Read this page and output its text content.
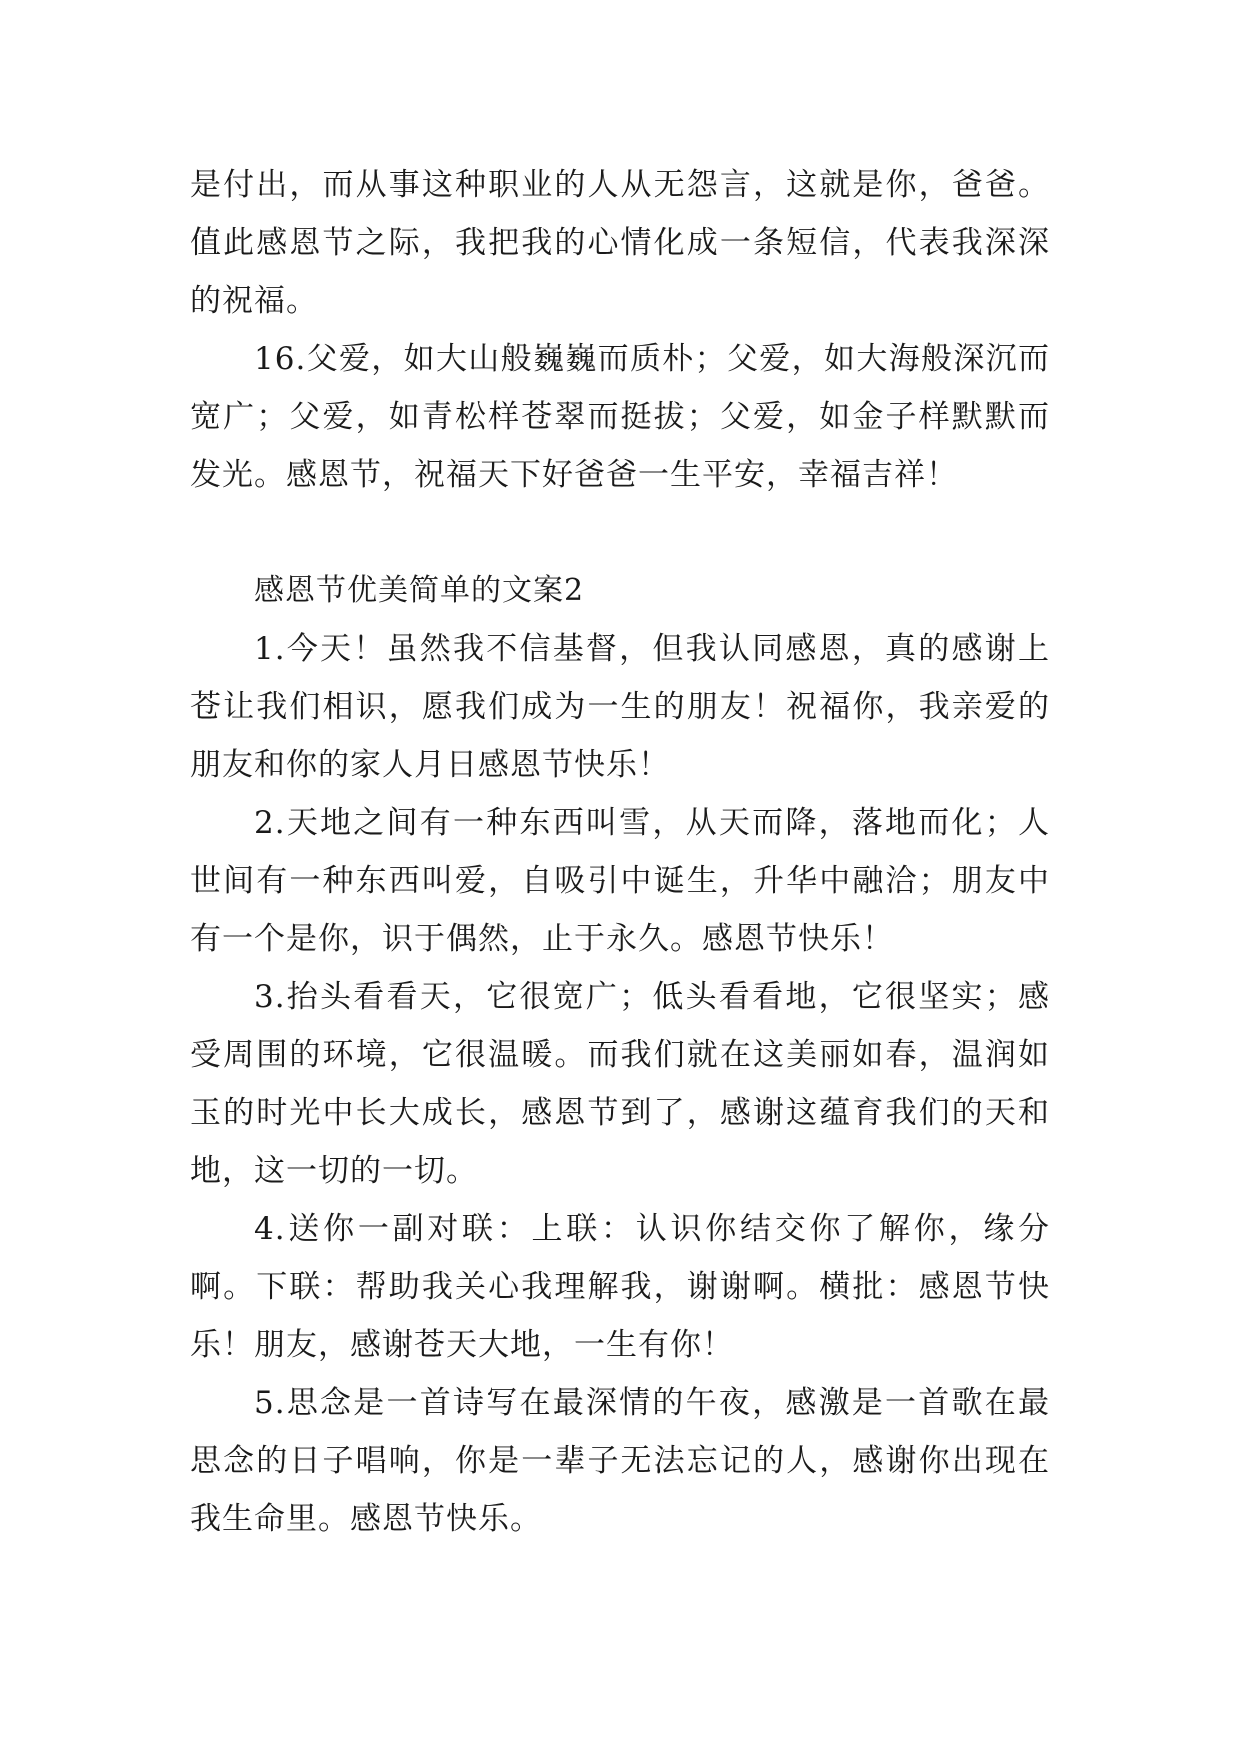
是付出，而从事这种职业的人从无怨言，这就是你，爸爸。值此感恩节之际，我把我的心情化成一条短信，代表我深深的祝福。

16.父爱，如大山般巍巍而质朴；父爱，如大海般深沉而宽广；父爱，如青松样苍翠而挺拔；父爱，如金子样默默而发光。感恩节，祝福天下好爸爸一生平安，幸福吉祥！

感恩节优美简单的文案2

1.今天！虽然我不信基督，但我认同感恩，真的感谢上苍让我们相识，愿我们成为一生的朋友！祝福你，我亲爱的朋友和你的家人月日感恩节快乐！

2.天地之间有一种东西叫雪，从天而降，落地而化；人世间有一种东西叫爱，自吸引中诞生，升华中融洽；朋友中有一个是你，识于偶然，止于永久。感恩节快乐！

3.抬头看看天，它很宽广；低头看看地，它很坚实；感受周围的环境，它很温暖。而我们就在这美丽如春，温润如玉的时光中长大成长，感恩节到了，感谢这蕴育我们的天和地，这一切的一切。

4.送你一副对联：上联：认识你结交你了解你，缘分啊。下联：帮助我关心我理解我，谢谢啊。横批：感恩节快乐！朋友，感谢苍天大地，一生有你！

5.思念是一首诗写在最深情的午夜，感激是一首歌在最思念的日子唱响，你是一辈子无法忘记的人，感谢你出现在我生命里。感恩节快乐。
